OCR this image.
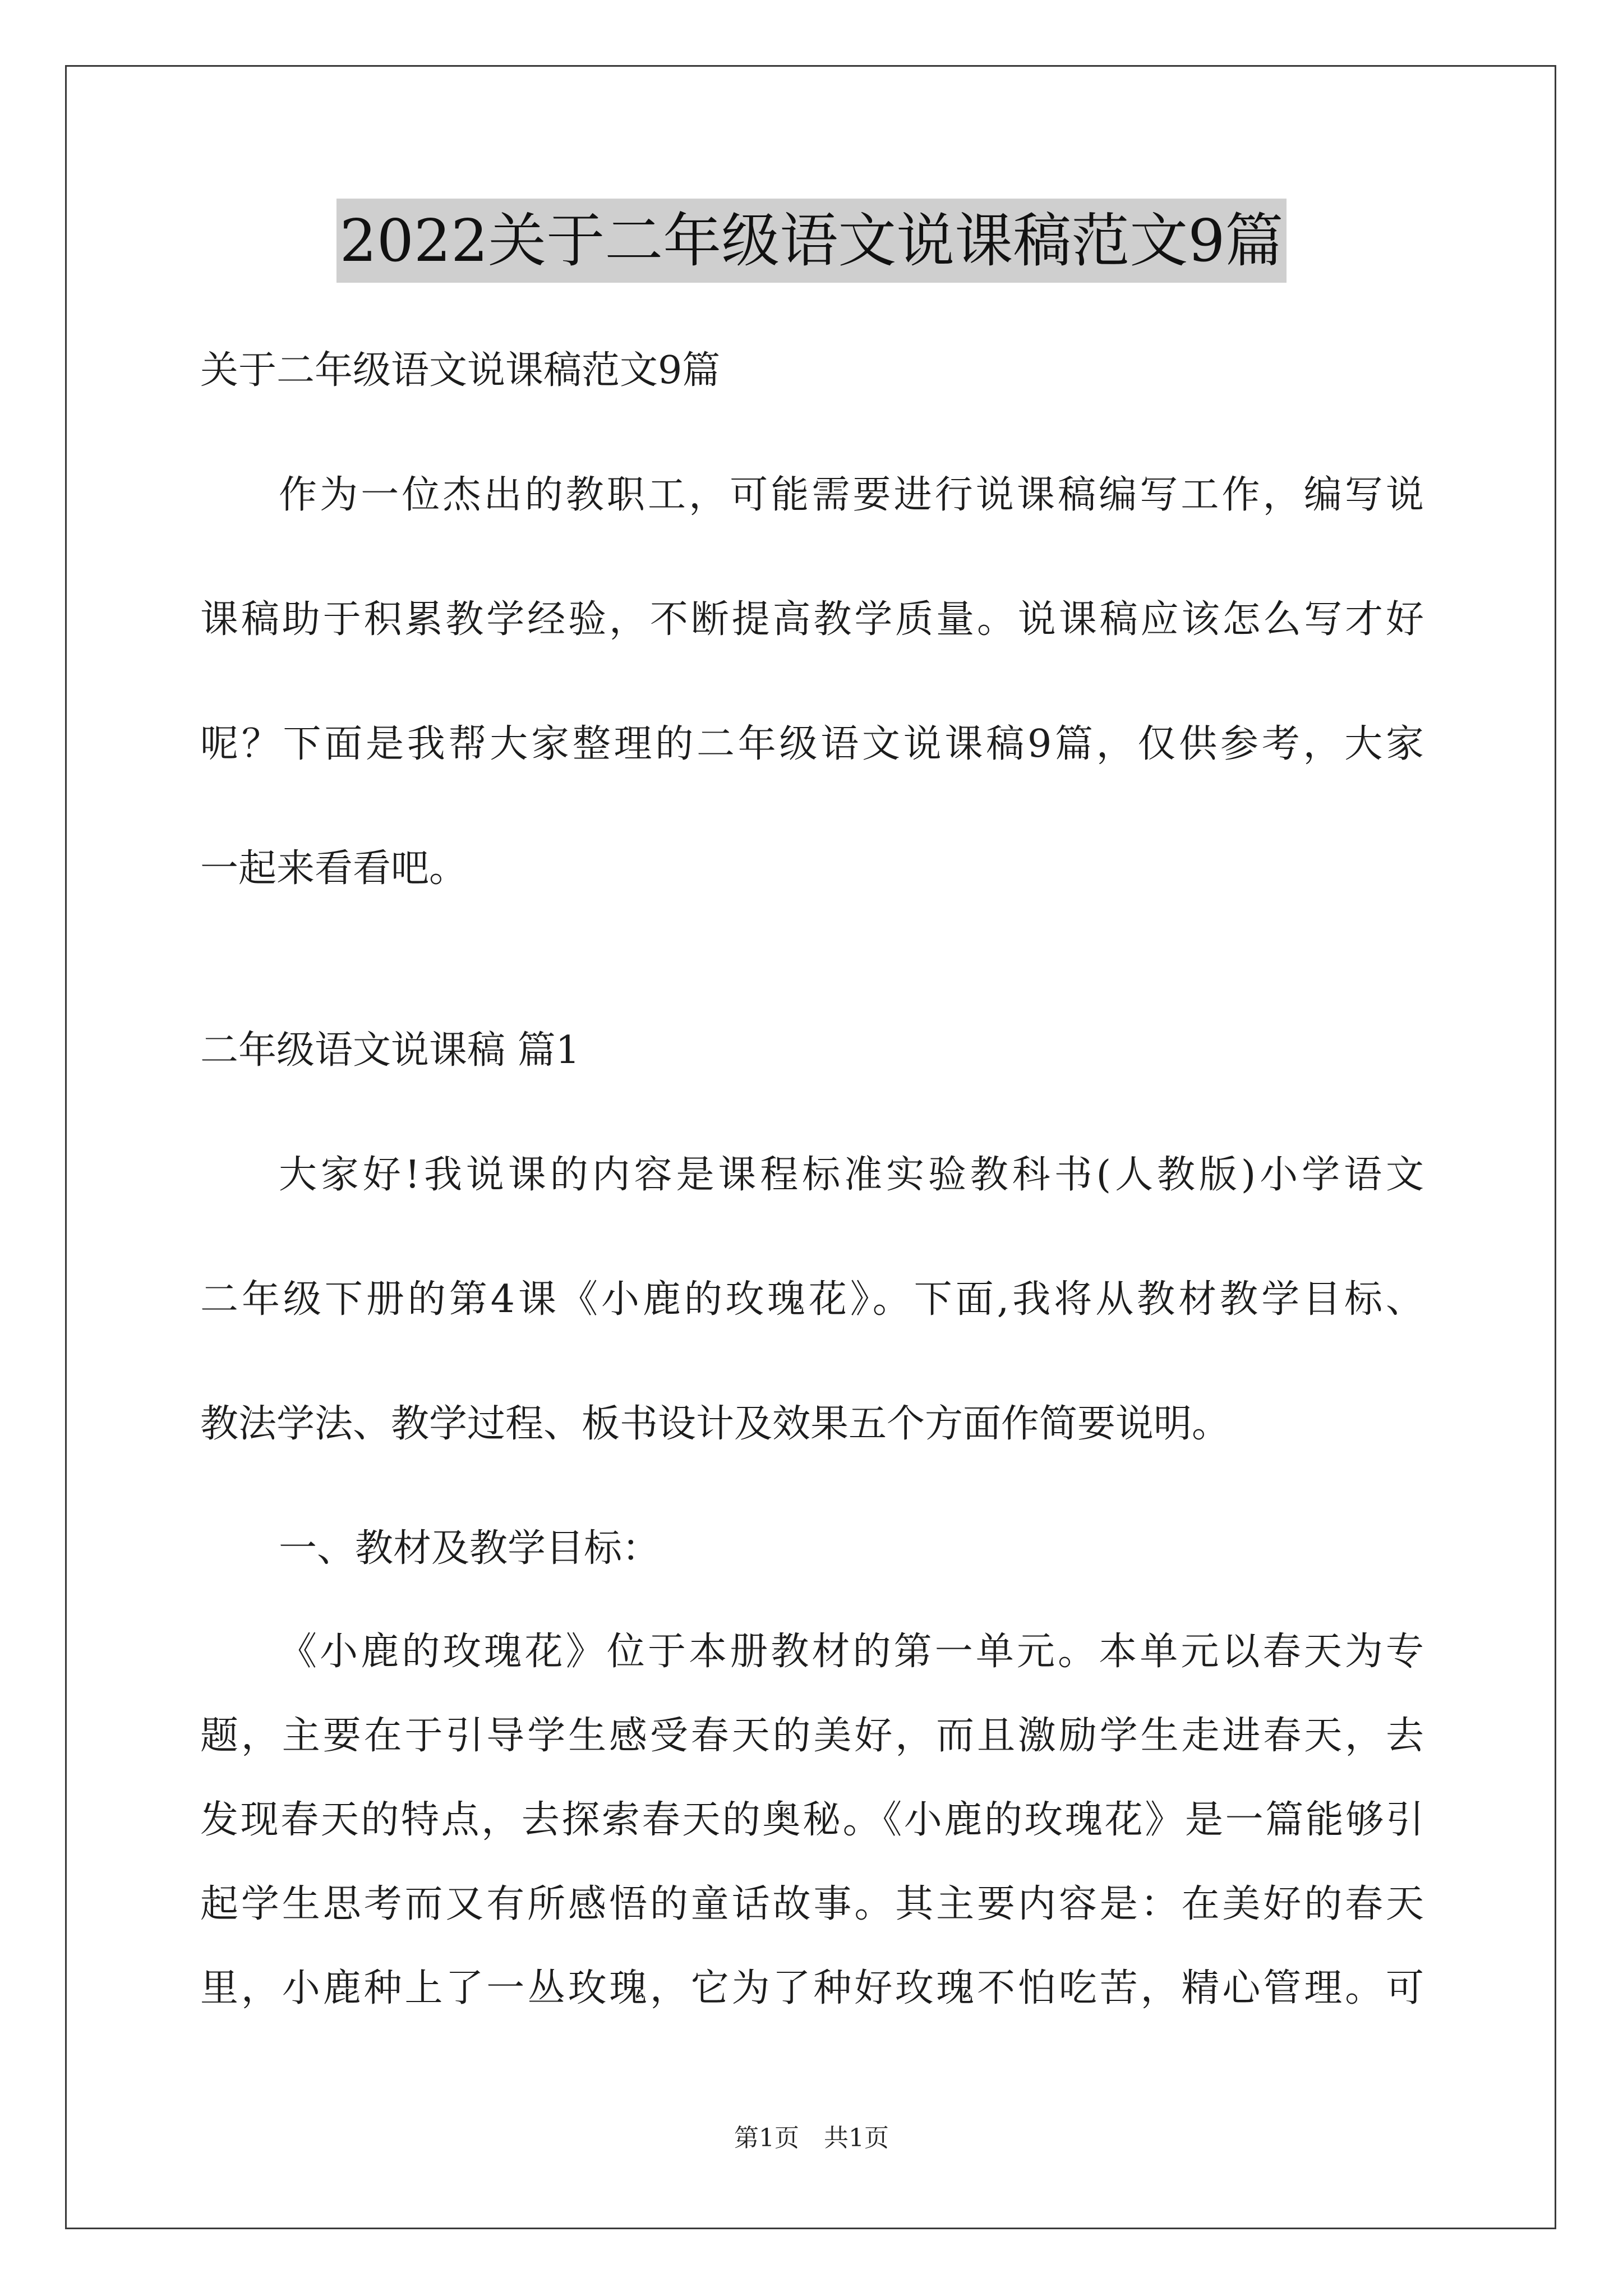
2022关于二年级语文说课稿范文9篇
关于二年级语文说课稿范文9篇
作为一位杰出的教职工，可能需要进行说课稿编写工作，编写说
课稿助于积累教学经验，不断提高教学质量。说课稿应该怎么写才好
呢？下面是我帮大家整理的二年级语文说课稿9篇，仅供参考，大家
一起来看看吧。
二年级语文说课稿 篇1
大家好!我说课的内容是课程标准实验教科书(人教版)小学语文
二年级下册的第4课《小鹿的玫瑰花》。下面,我将从教材教学目标、
教法学法、教学过程、板书设计及效果五个方面作简要说明。
一、教材及教学目标：
《小鹿的玫瑰花》位于本册教材的第一单元。本单元以春天为专
题，主要在于引导学生感受春天的美好，而且激励学生走进春天，去
发现春天的特点，去探索春天的奥秘。《小鹿的玫瑰花》是一篇能够引
起学生思考而又有所感悟的童话故事。其主要内容是：在美好的春天
第1页　共1页
里，小鹿种上了一丛玫瑰，它为了种好玫瑰不怕吃苦，精心管理。可
